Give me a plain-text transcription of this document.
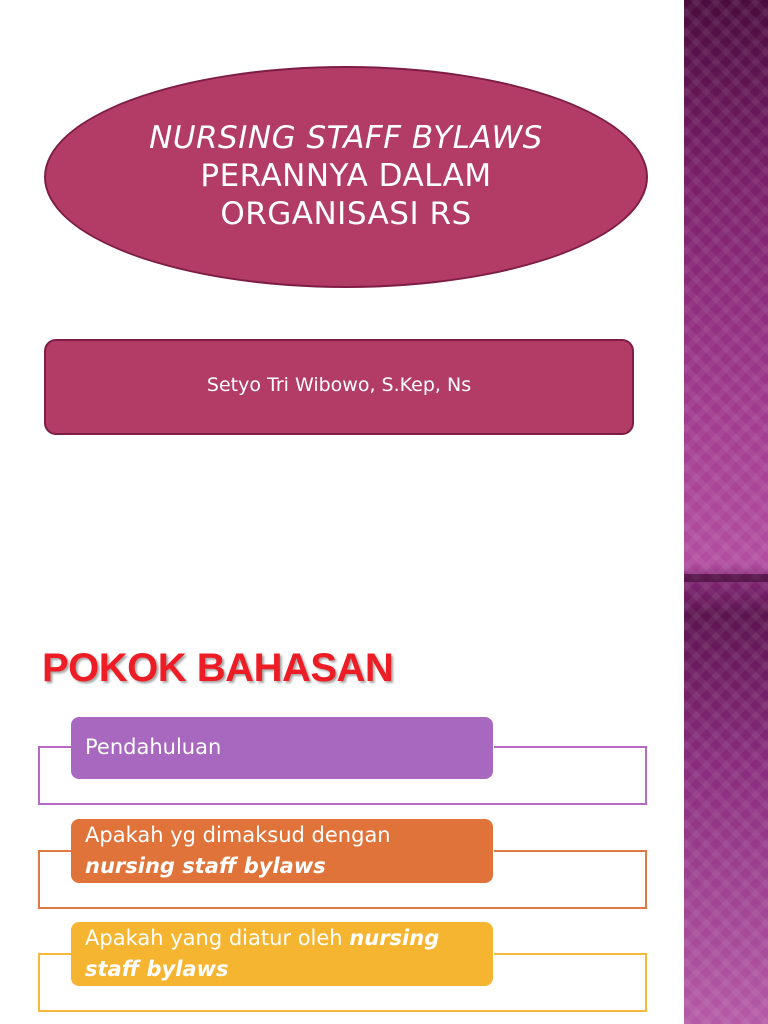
NURSING STAFF BYLAWS
PERANNYA DALAM
ORGANISASI RS
Setyo Tri Wibowo, S.Kep, Ns
POKOK BAHASAN
Pendahuluan
Apakah yg dimaksud dengan
nursing staff bylaws
Apakah yang diatur oleh nursing
staff bylaws
